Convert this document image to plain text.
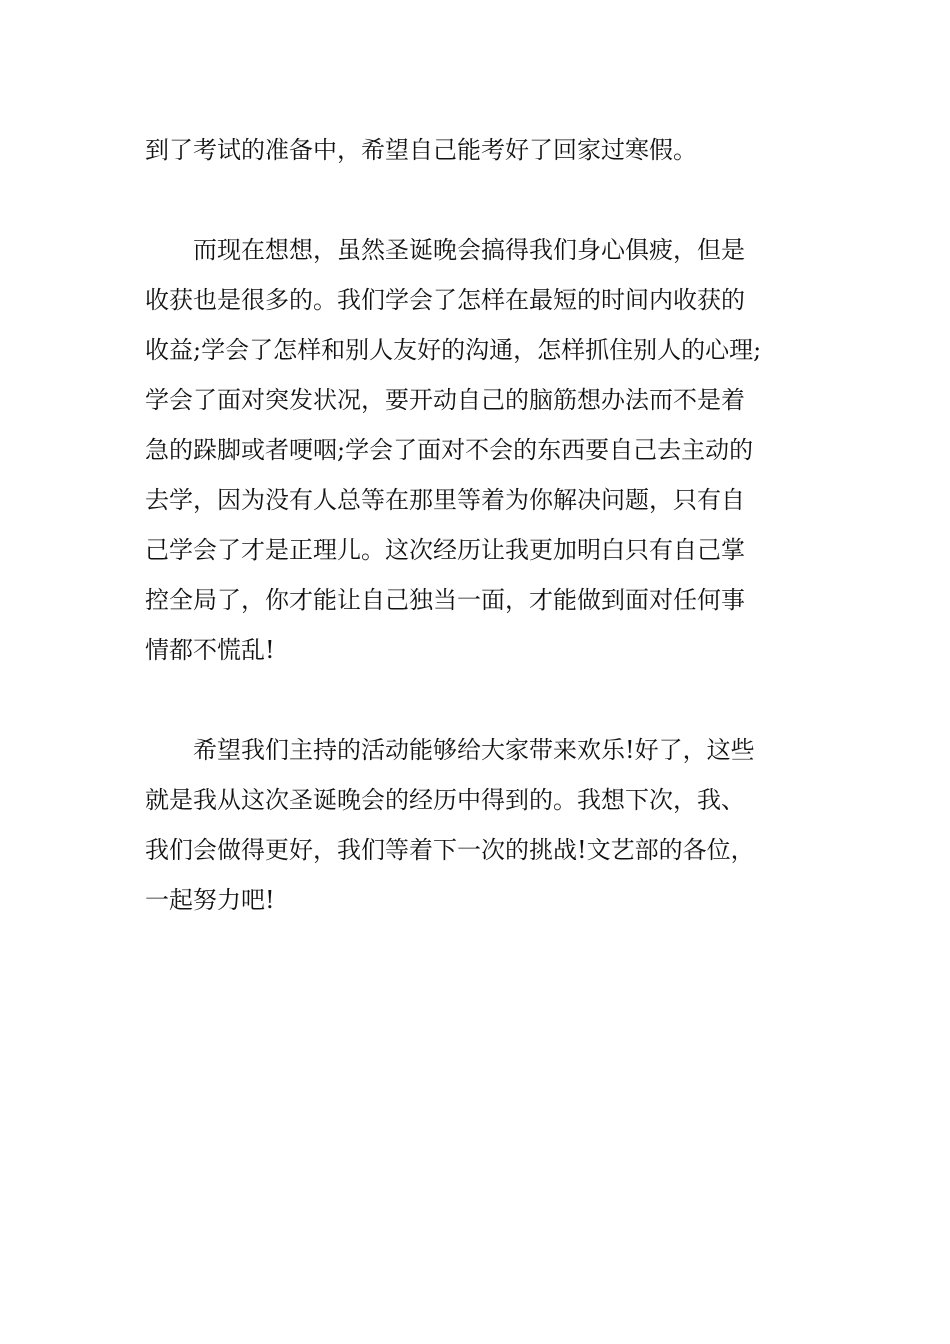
到了考试的准备中，希望自己能考好了回家过寒假。
而现在想想，虽然圣诞晚会搞得我们身心俱疲，但是
收获也是很多的。我们学会了怎样在最短的时间内收获的
收益;学会了怎样和别人友好的沟通，怎样抓住别人的心理;
学会了面对突发状况，要开动自己的脑筋想办法而不是着
急的跺脚或者哽咽;学会了面对不会的东西要自己去主动的
去学，因为没有人总等在那里等着为你解决问题，只有自
己学会了才是正理儿。这次经历让我更加明白只有自己掌
控全局了，你才能让自己独当一面，才能做到面对任何事
情都不慌乱!
希望我们主持的活动能够给大家带来欢乐!好了，这些
就是我从这次圣诞晚会的经历中得到的。我想下次，我、
我们会做得更好，我们等着下一次的挑战!文艺部的各位，
一起努力吧!
